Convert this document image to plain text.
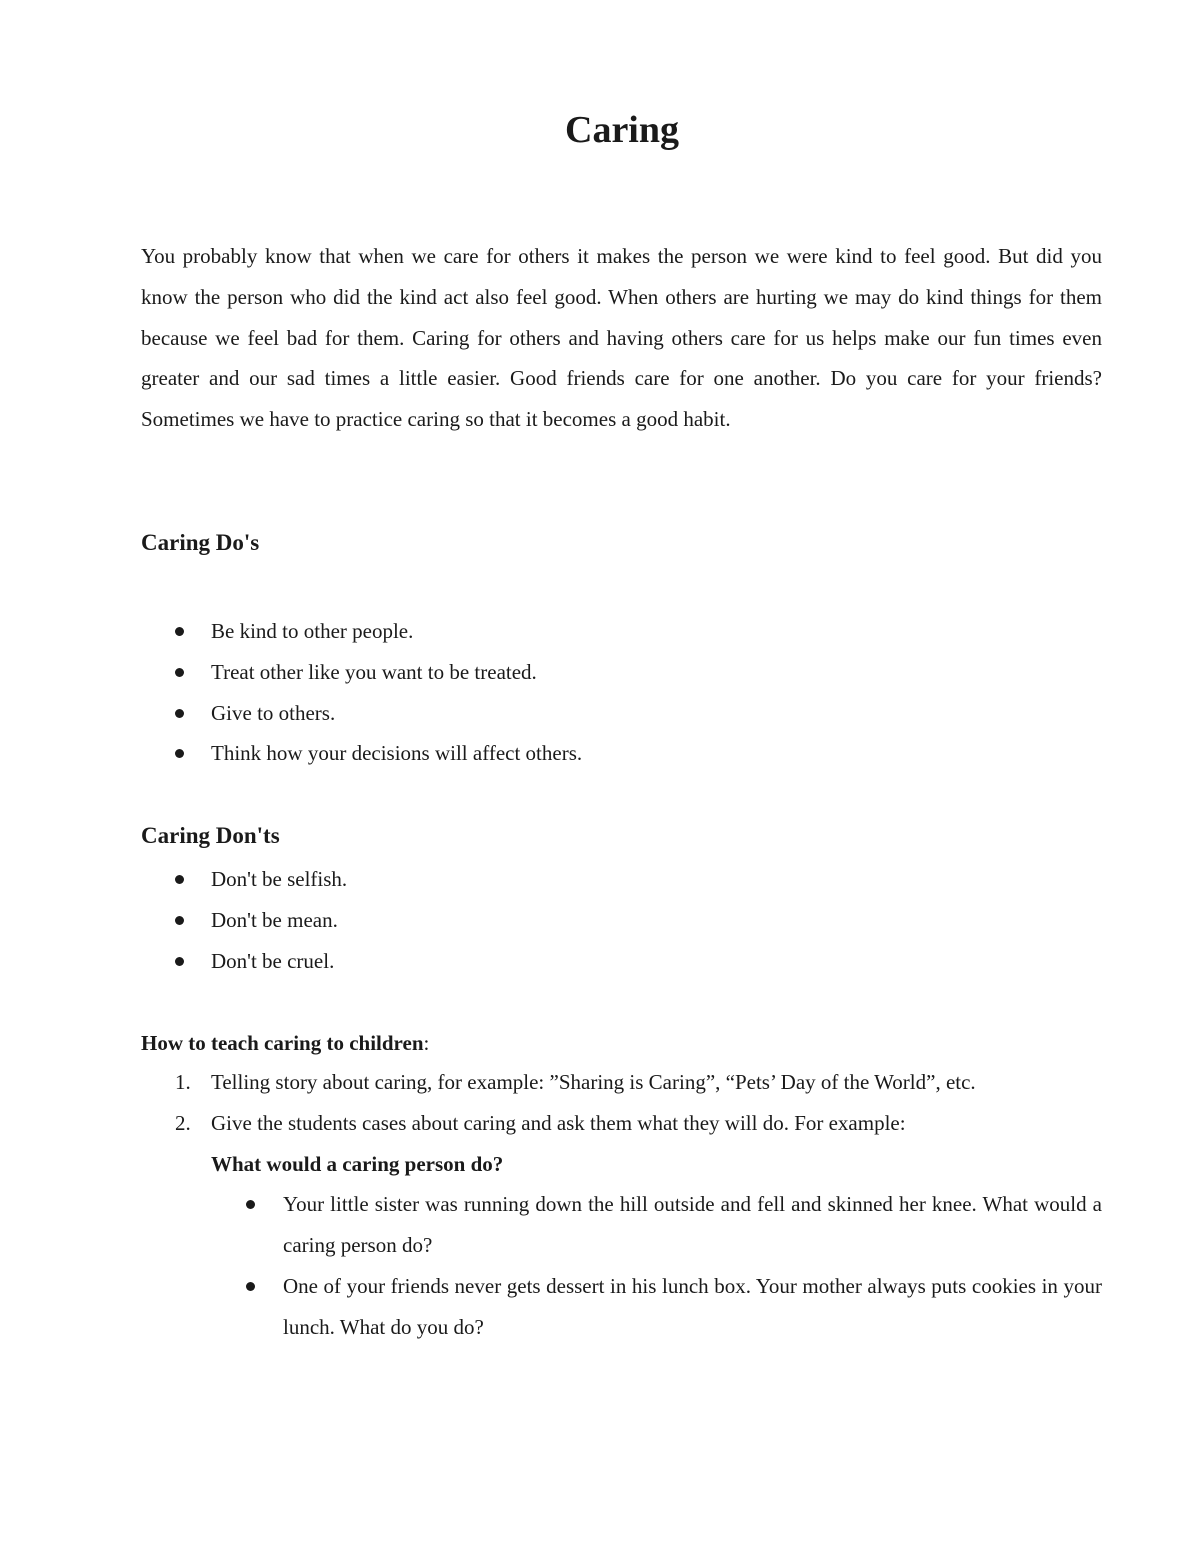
Caring

You probably know that when we care for others it makes the person we were kind to feel good. But did you know the person who did the kind act also feel good. When others are hurting we may do kind things for them because we feel bad for them. Caring for others and having others care for us helps make our fun times even greater and our sad times a little easier. Good friends care for one another. Do you care for your friends? Sometimes we have to practice caring so that it becomes a good habit.

Caring Do's
Be kind to other people.
Treat other like you want to be treated.
Give to others.
Think how your decisions will affect others.
Caring Don'ts
Don't be selfish.
Don't be mean.
Don't be cruel.

How to teach caring to children:

1. Telling story about caring, for example: ”Sharing is Caring”, “Pets’ Day of the World”, etc.
2. Give the students cases about caring and ask them what they will do. For example:

What would a caring person do?

Your little sister was running down the hill outside and fell and skinned her knee. What would a caring person do?
One of your friends never gets dessert in his lunch box. Your mother always puts cookies in your lunch. What do you do?
